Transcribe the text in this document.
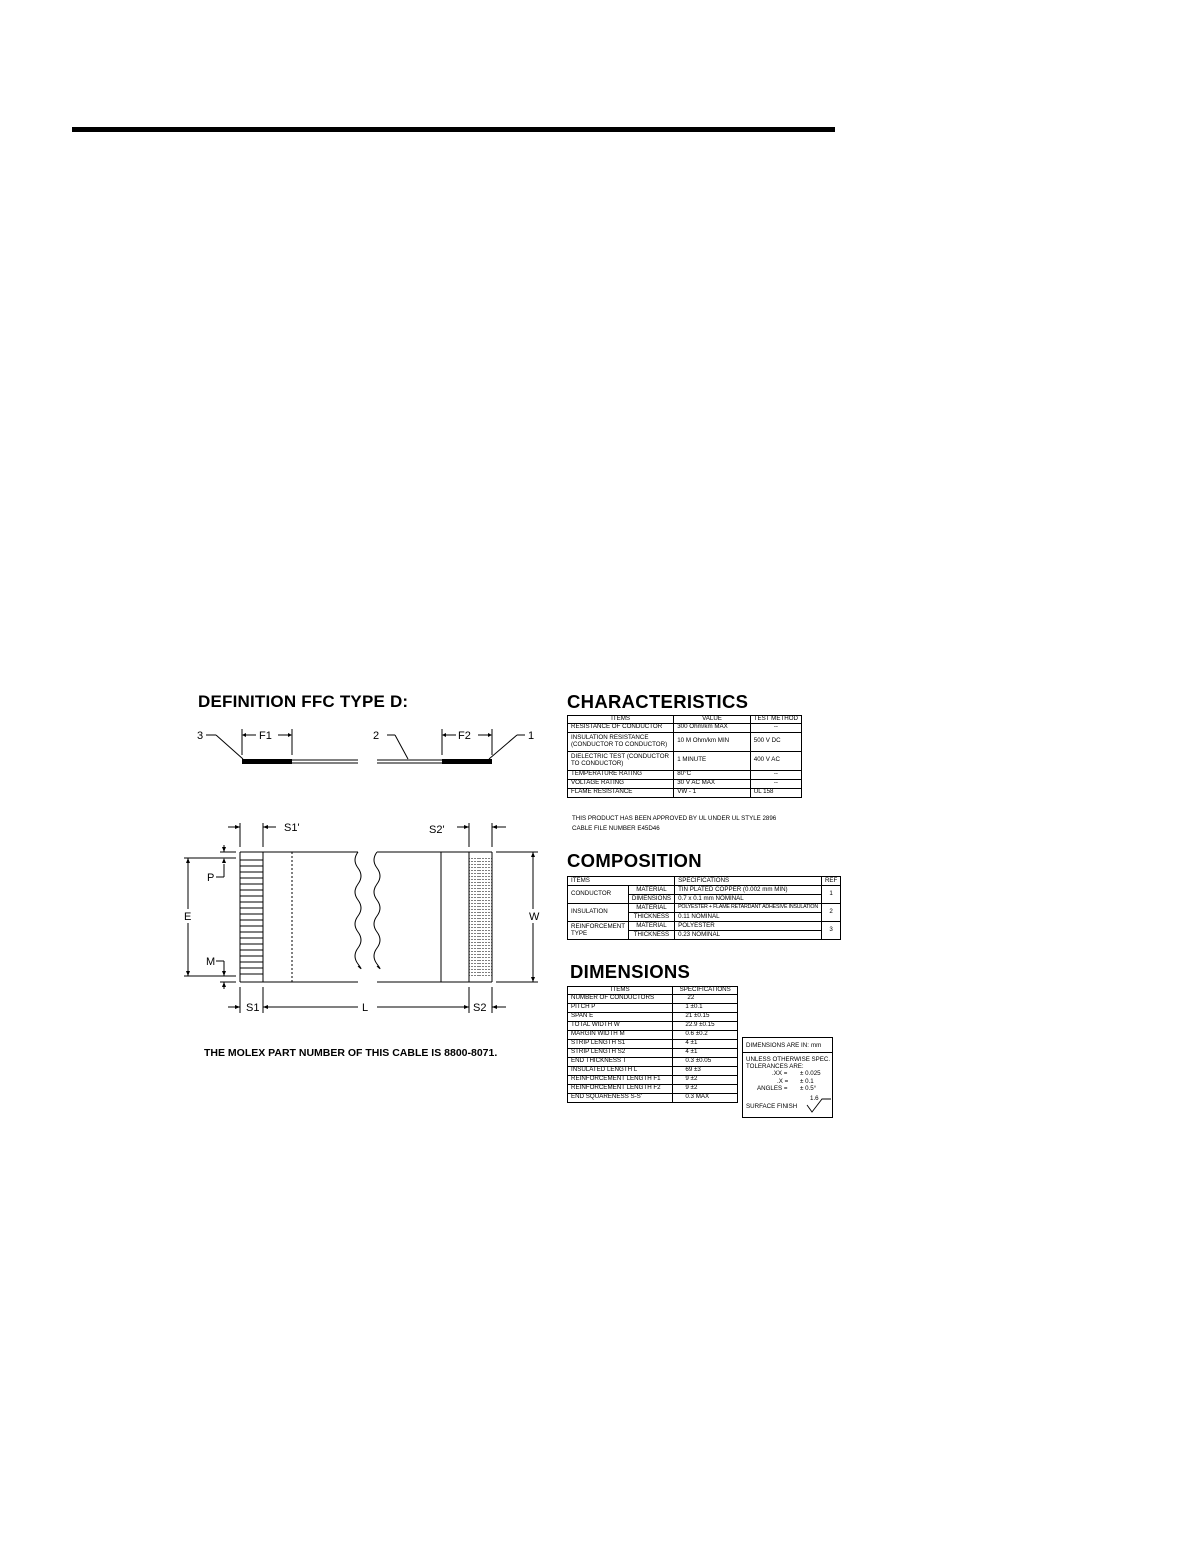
DEFINITION FFC TYPE D:
3	F1	2	F2	1
S1'	S2'
P
E
M
W
S1	L	S2
THE MOLEX PART NUMBER OF THIS CABLE IS 8800-8071.
CHARACTERISTICS
ITEMS	VALUE	TEST METHOD
RESISTANCE OF CONDUCTOR	300 Ohm/km MAX	--
INSULATION RESISTANCE (CONDUCTOR TO CONDUCTOR)	10 M Ohm/km MIN	500 V DC
DIELECTRIC TEST (CONDUCTOR TO CONDUCTOR)	1 MINUTE	400 V AC
TEMPERATURE RATING	80°C	--
VOLTAGE RATING	30 V AC MAX	--
FLAME RESISTANCE	VW - 1	UL 158
THIS PRODUCT HAS BEEN APPROVED BY UL UNDER UL STYLE 2896
CABLE FILE NUMBER E45D46
COMPOSITION
ITEMS		SPECIFICATIONS	REF
CONDUCTOR	MATERIAL	TIN PLATED COPPER (0.002 mm MIN)	1
	DIMENSIONS	0.7 x 0.1 mm NOMINAL	
INSULATION	MATERIAL	POLYESTER + FLAME RETARDANT ADHESIVE INSULATION	2
	THICKNESS	0.11 NOMINAL	
REINFORCEMENT TYPE	MATERIAL	POLYESTER	3
	THICKNESS	0.23 NOMINAL	
DIMENSIONS
ITEMS	SPECIFICATIONS
NUMBER OF CONDUCTORS	22
PITCH P	1 ±0.1
SPAN E	21 ±0.15
TOTAL WIDTH W	22.9 ±0.15
MARGIN WIDTH M	0.6 ±0.2
STRIP LENGTH S1	4 ±1
STRIP LENGTH S2	4 ±1
END THICKNESS T	0.3 ±0.05
INSULATED LENGTH L	69 ±3
REINFORCEMENT LENGTH F1	9 ±2
REINFORCEMENT LENGTH F2	9 ±2
END SQUARENESS S-S'	0.3 MAX
DIMENSIONS ARE IN: mm
UNLESS OTHERWISE SPEC.
TOLERANCES ARE:
.XX = ± 0.025
.X = ± 0.1
ANGLES = ± 0.5°
SURFACE FINISH
1.6
